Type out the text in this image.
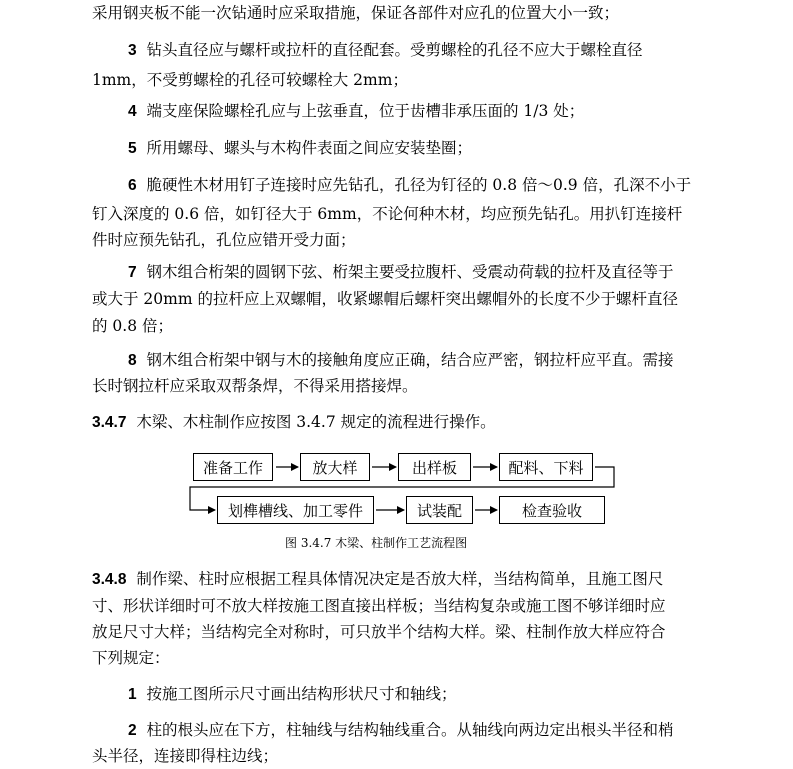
采用钢夹板不能一次钻通时应采取措施，保证各部件对应孔的位置大小一致；
3 钻头直径应与螺杆或拉杆的直径配套。受剪螺栓的孔径不应大于螺栓直径
1mm，不受剪螺栓的孔径可较螺栓大 2mm；
4 端支座保险螺栓孔应与上弦垂直，位于齿槽非承压面的 1/3 处；
5 所用螺母、螺头与木构件表面之间应安装垫圈；
6 脆硬性木材用钉子连接时应先钻孔，孔径为钉径的 0.8 倍～0.9 倍，孔深不小于
钉入深度的 0.6 倍，如钉径大于 6mm，不论何种木材，均应预先钻孔。用扒钉连接杆
件时应预先钻孔，孔位应错开受力面；
7 钢木组合桁架的圆钢下弦、桁架主要受拉腹杆、受震动荷载的拉杆及直径等于
或大于 20mm 的拉杆应上双螺帽，收紧螺帽后螺杆突出螺帽外的长度不少于螺杆直径
的 0.8 倍；
8 钢木组合桁架中钢与木的接触角度应正确，结合应严密，钢拉杆应平直。需接
长时钢拉杆应采取双帮条焊，不得采用搭接焊。
3.4.7 木梁、木柱制作应按图 3.4.7 规定的流程进行操作。
准备工作	放大样	出样板	配料、下料
划榫槽线、加工零件	试装配	检查验收
图 3.4.7 木梁、柱制作工艺流程图
3.4.8 制作梁、柱时应根据工程具体情况决定是否放大样，当结构简单，且施工图尺
寸、形状详细时可不放大样按施工图直接出样板；当结构复杂或施工图不够详细时应
放足尺寸大样；当结构完全对称时，可只放半个结构大样。梁、柱制作放大样应符合
下列规定：
1 按施工图所示尺寸画出结构形状尺寸和轴线；
2 柱的根头应在下方，柱轴线与结构轴线重合。从轴线向两边定出根头半径和梢
头半径，连接即得柱边线；
